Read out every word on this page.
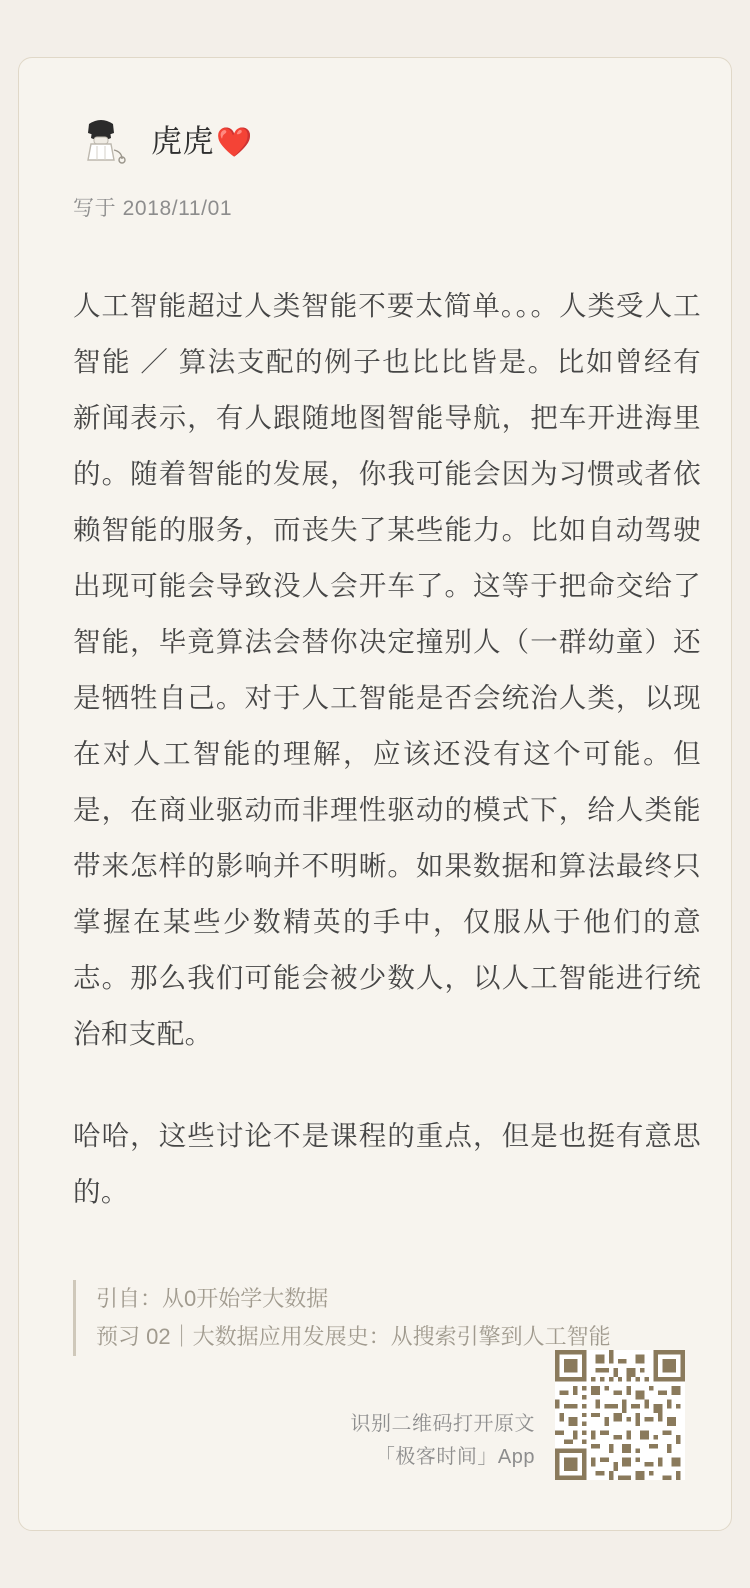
虎虎❤️
写于 2018/11/01

人工智能超过人类智能不要太简单。。。人类受人工智能 ／ 算法支配的例子也比比皆是。比如曾经有新闻表示，有人跟随地图智能导航，把车开进海里的。随着智能的发展，你我可能会因为习惯或者依赖智能的服务，而丧失了某些能力。比如自动驾驶出现可能会导致没人会开车了。这等于把命交给了智能，毕竟算法会替你决定撞别人（一群幼童）还是牺牲自己。对于人工智能是否会统治人类，以现在对人工智能的理解，应该还没有这个可能。但是，在商业驱动而非理性驱动的模式下，给人类能带来怎样的影响并不明晰。如果数据和算法最终只掌握在某些少数精英的手中，仅服从于他们的意志。那么我们可能会被少数人，以人工智能进行统治和支配。

哈哈，这些讨论不是课程的重点，但是也挺有意思的。

引自：从0开始学大数据
预习 02｜大数据应用发展史：从搜索引擎到人工智能
识别二维码打开原文
「极客时间」App
